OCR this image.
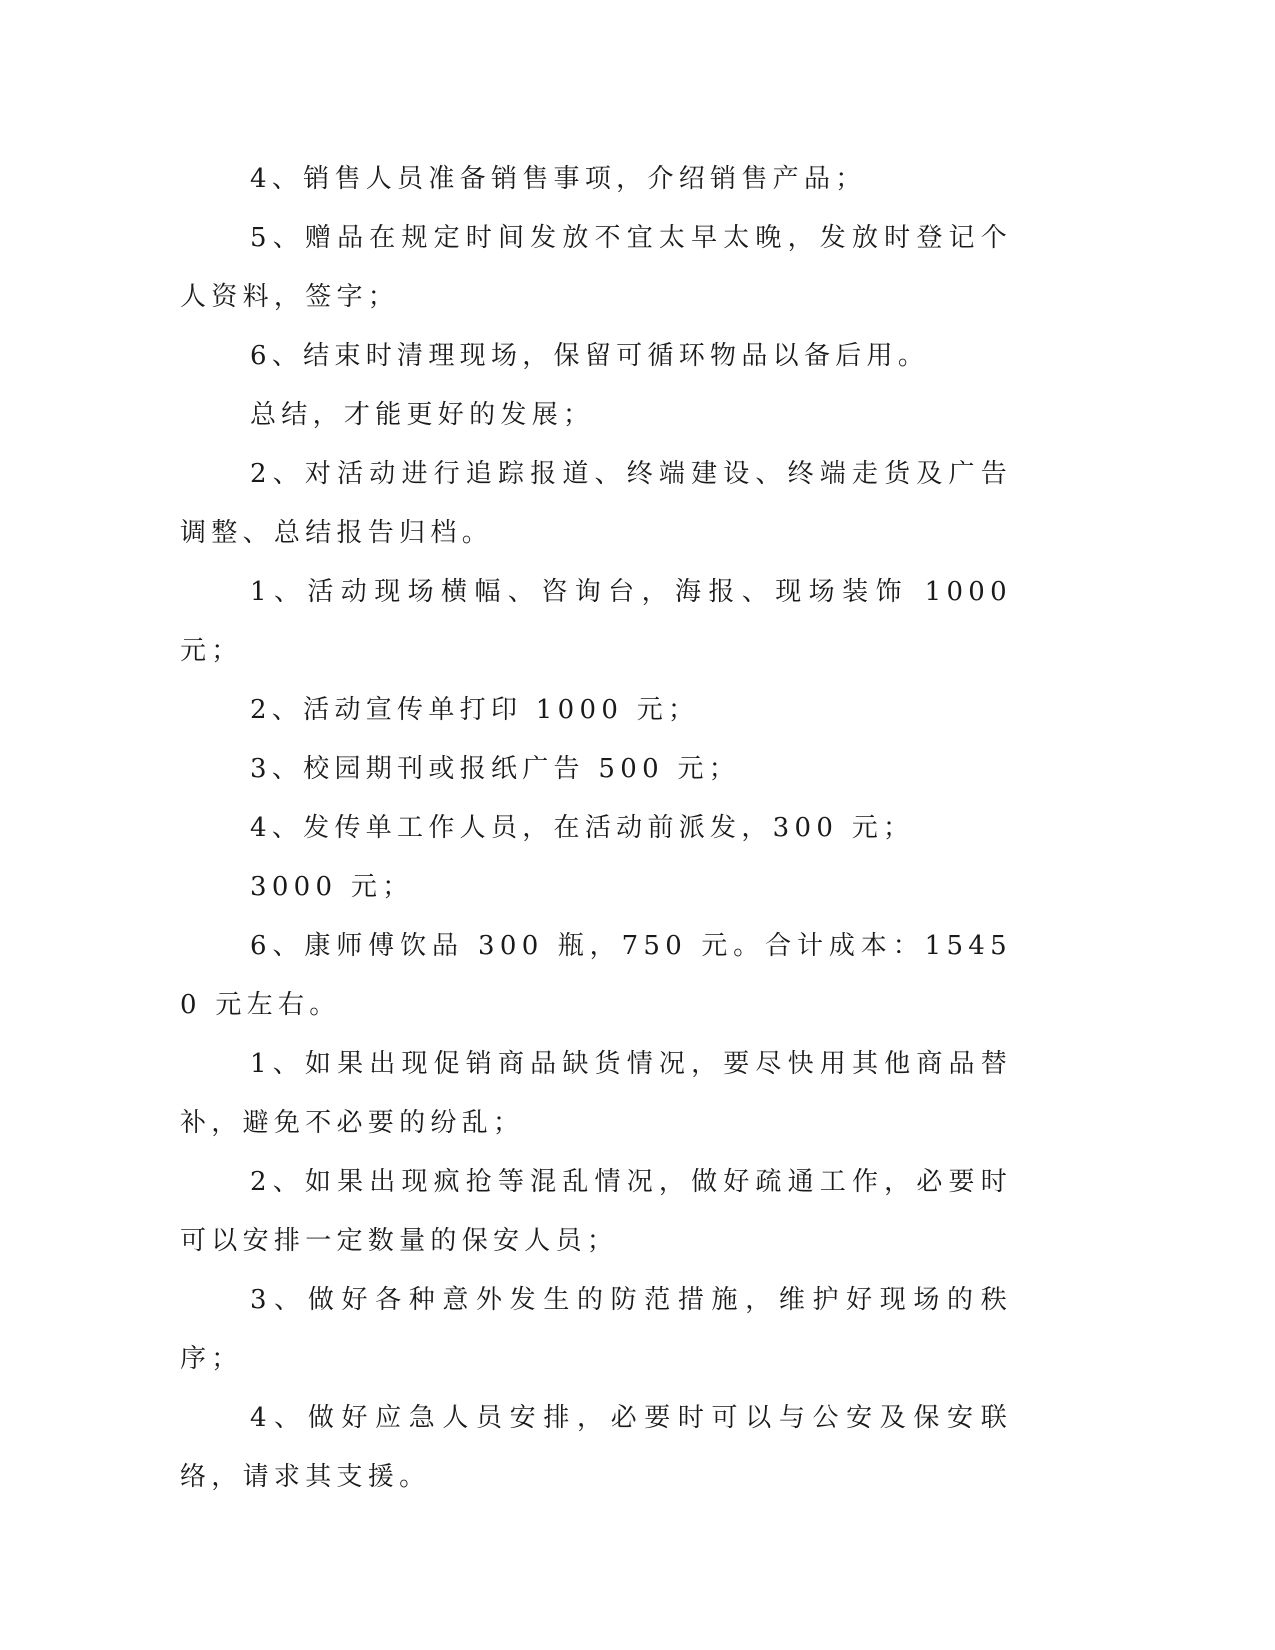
4、销售人员准备销售事项，介绍销售产品；

5、赠品在规定时间发放不宜太早太晚，发放时登记个人资料，签字；

6、结束时清理现场，保留可循环物品以备后用。

总结，才能更好的发展；

2、对活动进行追踪报道、终端建设、终端走货及广告调整、总结报告归档。

1、活动现场横幅、咨询台，海报、现场装饰 1000 元；

2、活动宣传单打印 1000 元；

3、校园期刊或报纸广告 500 元；

4、发传单工作人员，在活动前派发，300 元；

3000 元；

6、康师傅饮品 300 瓶，750 元。合计成本：15450 元左右。

1、如果出现促销商品缺货情况，要尽快用其他商品替补，避免不必要的纷乱；

2、如果出现疯抢等混乱情况，做好疏通工作，必要时可以安排一定数量的保安人员；

3、做好各种意外发生的防范措施，维护好现场的秩序；

4、做好应急人员安排，必要时可以与公安及保安联络，请求其支援。
